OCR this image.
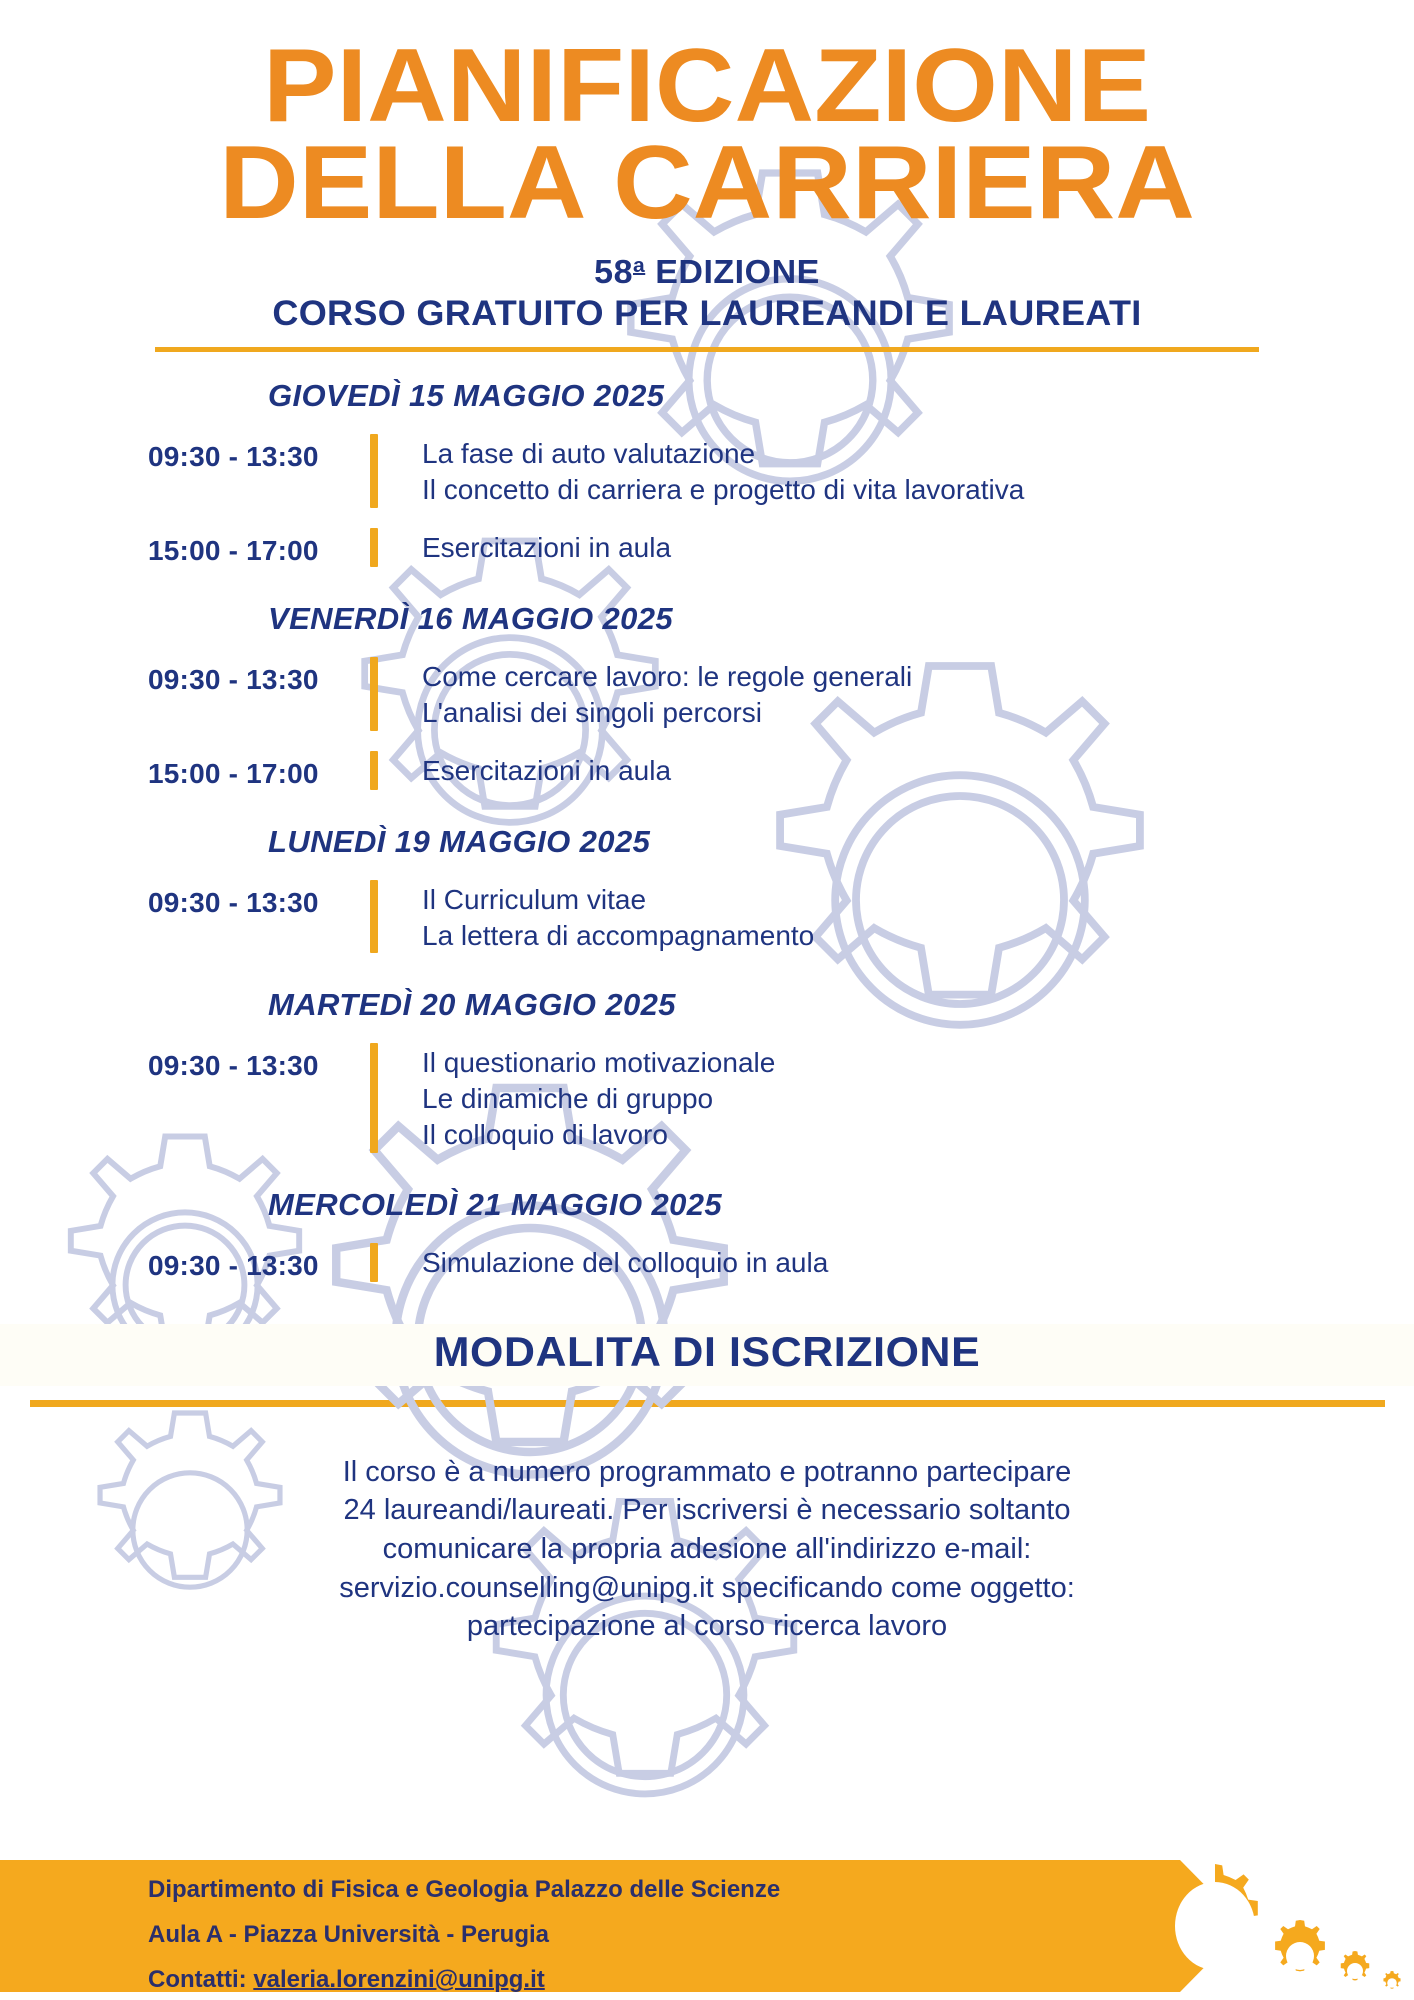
PIANIFICAZIONE
DELLA CARRIERA
58$^a$ EDIZIONE
CORSO GRATUITO PER LAUREANDI E LAUREATI
GIOVEDÌ 15 MAGGIO 2025
09:30 - 13:30	La fase di auto valutazione
Il concetto di carriera e progetto di vita lavorativa
15:00 - 17:00	Esercitazioni in aula
VENERDÌ 16 MAGGIO 2025
09:30 - 13:30	Come cercare lavoro: le regole generali
L'analisi dei singoli percorsi
15:00 - 17:00	Esercitazioni in aula
LUNEDÌ 19 MAGGIO 2025
09:30 - 13:30	Il Curriculum vitae
La lettera di accompagnamento
MARTEDÌ 20 MAGGIO 2025
09:30 - 13:30	Il questionario motivazionale
Le dinamiche di gruppo
Il colloquio di lavoro
MERCOLEDÌ 21 MAGGIO 2025
09:30 - 13:30	Simulazione del colloquio in aula
MODALITA DI ISCRIZIONE
Il corso è a numero programmato e potranno partecipare
24 laureandi/laureati. Per iscriversi è necessario soltanto
comunicare la propria adesione all'indirizzo e-mail:
servizio.counselling@unipg.it specificando come oggetto:
partecipazione al corso ricerca lavoro
Dipartimento di Fisica e Geologia Palazzo delle Scienze
Aula A - Piazza Università - Perugia
Contatti: valeria.lorenzini@unipg.it
